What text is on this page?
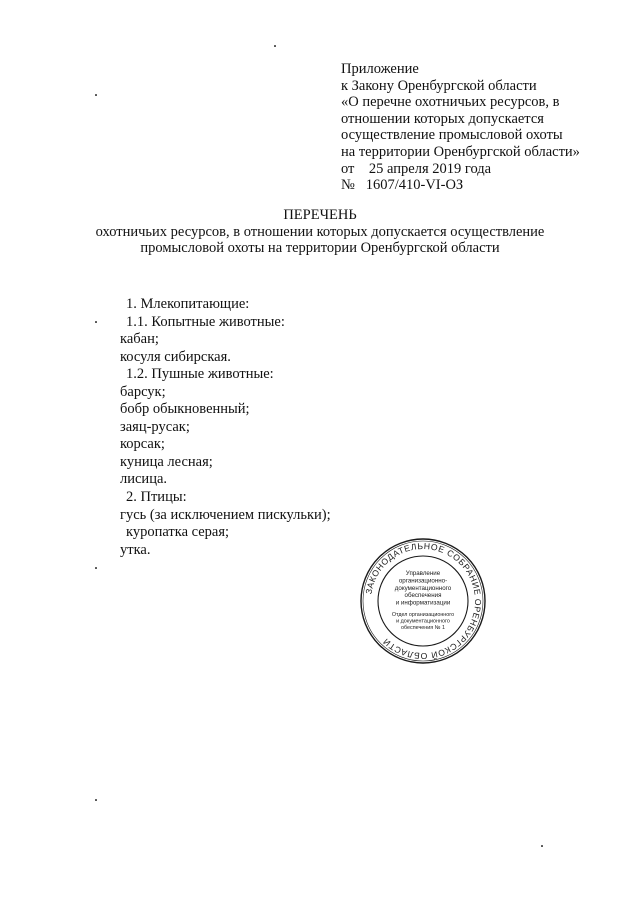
Приложение
к Закону Оренбургской области
«О перечне охотничьих ресурсов, в
отношении которых допускается
осуществление промысловой охоты
на территории Оренбургской области»
от    25 апреля 2019 года
№   1607/410-VI-ОЗ
ПЕРЕЧЕНЬ
охотничьих ресурсов, в отношении которых допускается осуществление
промысловой охоты на территории Оренбургской области
1. Млекопитающие:
1.1. Копытные животные:
кабан;
косуля сибирская.
1.2. Пушные животные:
барсук;
бобр обыкновенный;
заяц-русак;
корсак;
куница лесная;
лисица.
2. Птицы:
гусь (за исключением пискульки);
куропатка серая;
утка.
ЗАКОНОДАТЕЛЬНОЕ СОБРАНИЕ ОРЕНБУРГСКОЙ ОБЛАСТИ
Управление
организационно-
документационного
обеспечения
и информатизации
Отдел организационного
и документационного
обеспечения № 1
